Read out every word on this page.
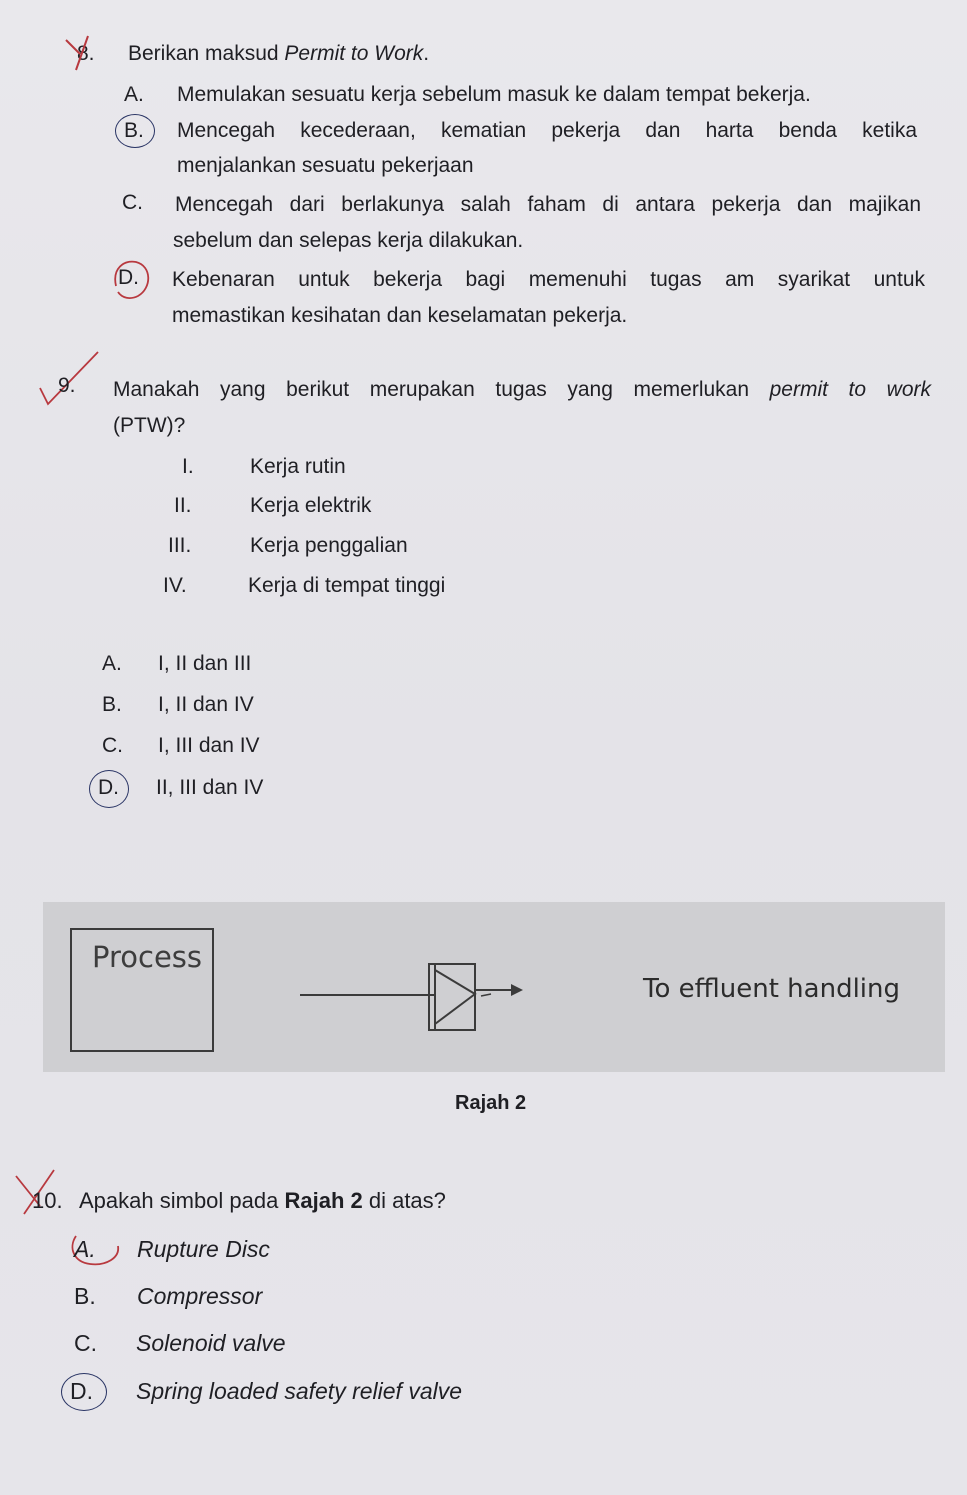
8. Berikan maksud Permit to Work.
A. Memulakan sesuatu kerja sebelum masuk ke dalam tempat bekerja.
B. Mencegah kecederaan, kematian pekerja dan harta benda ketika
menjalankan sesuatu pekerjaan
C. Mencegah dari berlakunya salah faham di antara pekerja dan majikan
sebelum dan selepas kerja dilakukan.
D. Kebenaran untuk bekerja bagi memenuhi tugas am syarikat untuk
memastikan kesihatan dan keselamatan pekerja.
9. Manakah yang berikut merupakan tugas yang memerlukan permit to work
(PTW)?
I.	Kerja rutin
II.	Kerja elektrik
III.	Kerja penggalian
IV.	Kerja di tempat tinggi
A. I, II dan III
B. I, II dan IV
C. I, III dan IV
D. II, III dan IV
Process
To effluent handling
Rajah 2
10. Apakah simbol pada Rajah 2 di atas?
A. Rupture Disc
B. Compressor
C. Solenoid valve
D. Spring loaded safety relief valve
